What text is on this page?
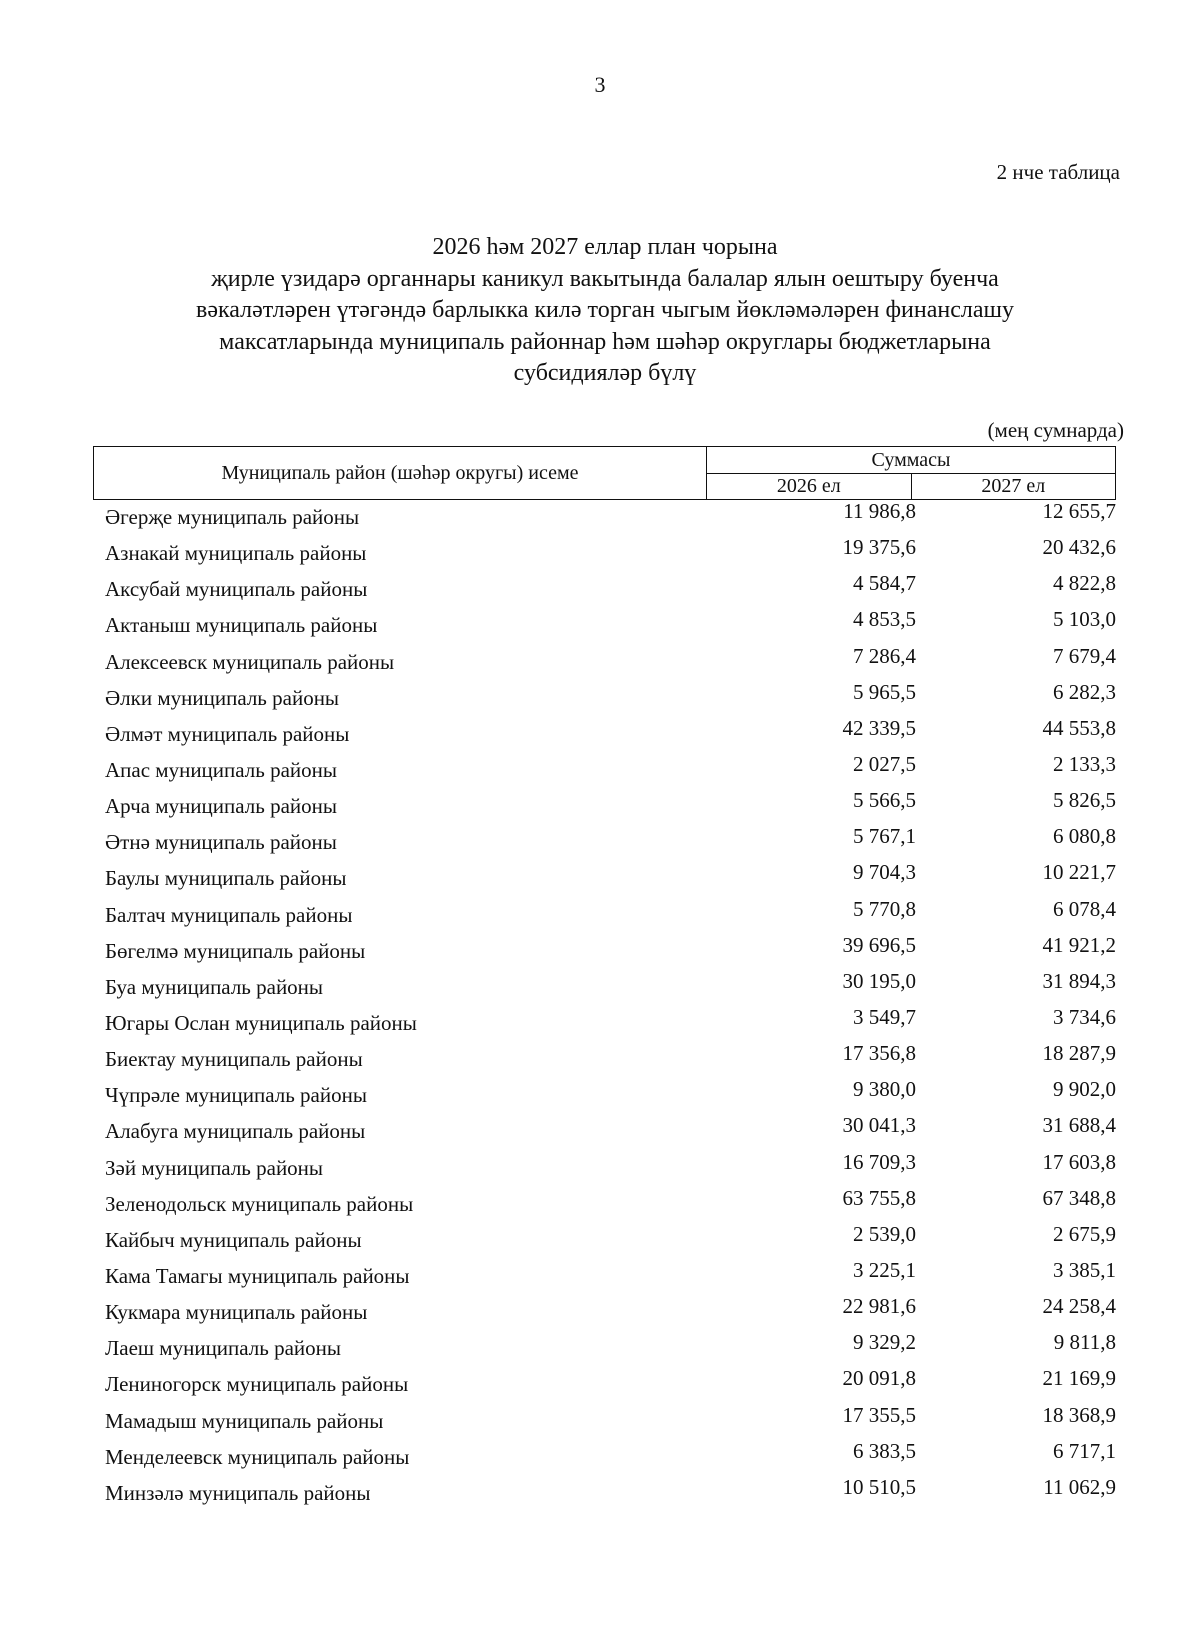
3
2 нче таблица
2026 һәм 2027 еллар план чорына
җирле үзидарә органнары каникул вакытында балалар ялын оештыру буенча
вәкаләтләрен үтәгәндә барлыкка килә торган чыгым йөкләмәләрен финанслашу
максатларында муниципаль районнар һәм шәһәр округлары бюджетларына
субсидияләр бүлү
(мең сумнарда)
Муниципаль район (шәһәр округы) исеме	Суммасы	
	2026 ел	2027 ел
Әгерҗе муниципаль районы	11 986,8	12 655,7
Азнакай муниципаль районы	19 375,6	20 432,6
Аксубай муниципаль районы	4 584,7	4 822,8
Актаныш муниципаль районы	4 853,5	5 103,0
Алексеевск муниципаль районы	7 286,4	7 679,4
Әлки муниципаль районы	5 965,5	6 282,3
Әлмәт муниципаль районы	42 339,5	44 553,8
Апас муниципаль районы	2 027,5	2 133,3
Арча муниципаль районы	5 566,5	5 826,5
Әтнә муниципаль районы	5 767,1	6 080,8
Баулы муниципаль районы	9 704,3	10 221,7
Балтач муниципаль районы	5 770,8	6 078,4
Бөгелмә муниципаль районы	39 696,5	41 921,2
Буа муниципаль районы	30 195,0	31 894,3
Югары Ослан муниципаль районы	3 549,7	3 734,6
Биектау муниципаль районы	17 356,8	18 287,9
Чүпрәле муниципаль районы	9 380,0	9 902,0
Алабуга муниципаль районы	30 041,3	31 688,4
Зәй муниципаль районы	16 709,3	17 603,8
Зеленодольск муниципаль районы	63 755,8	67 348,8
Кайбыч муниципаль районы	2 539,0	2 675,9
Кама Тамагы муниципаль районы	3 225,1	3 385,1
Кукмара муниципаль районы	22 981,6	24 258,4
Лаеш муниципаль районы	9 329,2	9 811,8
Лениногорск муниципаль районы	20 091,8	21 169,9
Мамадыш муниципаль районы	17 355,5	18 368,9
Менделеевск муниципаль районы	6 383,5	6 717,1
Минзәлә муниципаль районы	10 510,5	11 062,9
